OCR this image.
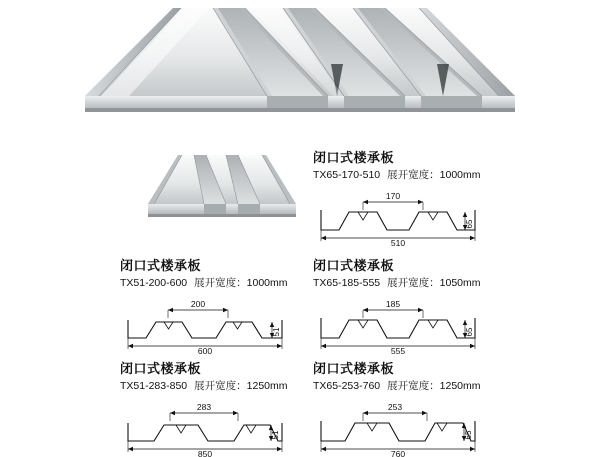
闭口式楼承板
TX65-170-510 展开宽度：1000mm
170
65
510
闭口式楼承板
TX51-200-600 展开宽度：1000mm
200
51
600
闭口式楼承板
TX65-185-555 展开宽度：1050mm
185
65
555
闭口式楼承板
TX51-283-850 展开宽度：1250mm
283
51
850
闭口式楼承板
TX65-253-760 展开宽度：1250mm
253
65
760
